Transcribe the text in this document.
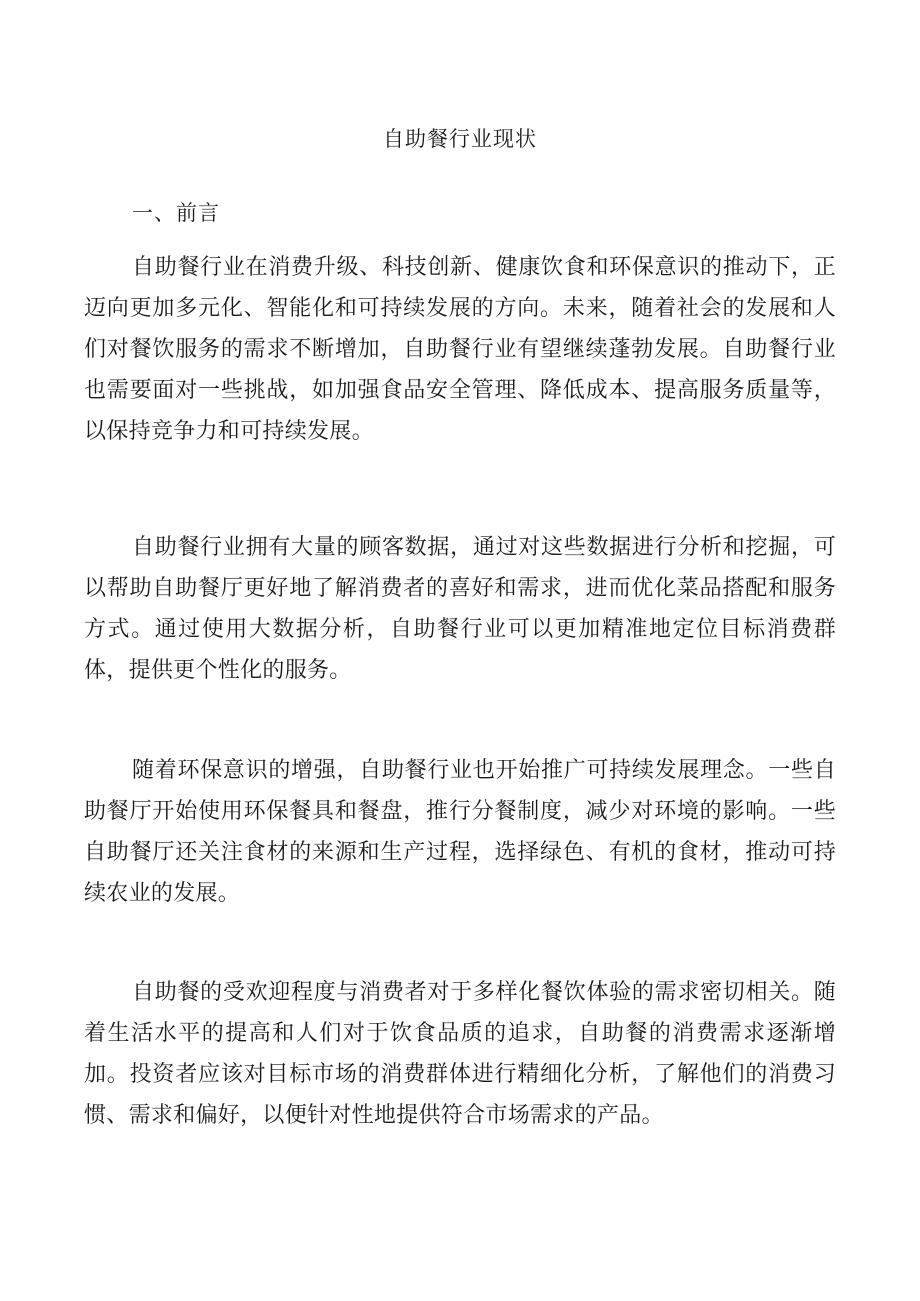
自助餐行业现状
一、前言

自助餐行业在消费升级、科技创新、健康饮食和环保意识的推动下，正迈向更加多元化、智能化和可持续发展的方向。未来，随着社会的发展和人们对餐饮服务的需求不断增加，自助餐行业有望继续蓬勃发展。自助餐行业也需要面对一些挑战，如加强食品安全管理、降低成本、提高服务质量等，以保持竞争力和可持续发展。

自助餐行业拥有大量的顾客数据，通过对这些数据进行分析和挖掘，可以帮助自助餐厅更好地了解消费者的喜好和需求，进而优化菜品搭配和服务方式。通过使用大数据分析，自助餐行业可以更加精准地定位目标消费群体，提供更个性化的服务。

随着环保意识的增强，自助餐行业也开始推广可持续发展理念。一些自助餐厅开始使用环保餐具和餐盘，推行分餐制度，减少对环境的影响。一些自助餐厅还关注食材的来源和生产过程，选择绿色、有机的食材，推动可持续农业的发展。

自助餐的受欢迎程度与消费者对于多样化餐饮体验的需求密切相关。随着生活水平的提高和人们对于饮食品质的追求，自助餐的消费需求逐渐增加。投资者应该对目标市场的消费群体进行精细化分析，了解他们的消费习惯、需求和偏好，以便针对性地提供符合市场需求的产品。
